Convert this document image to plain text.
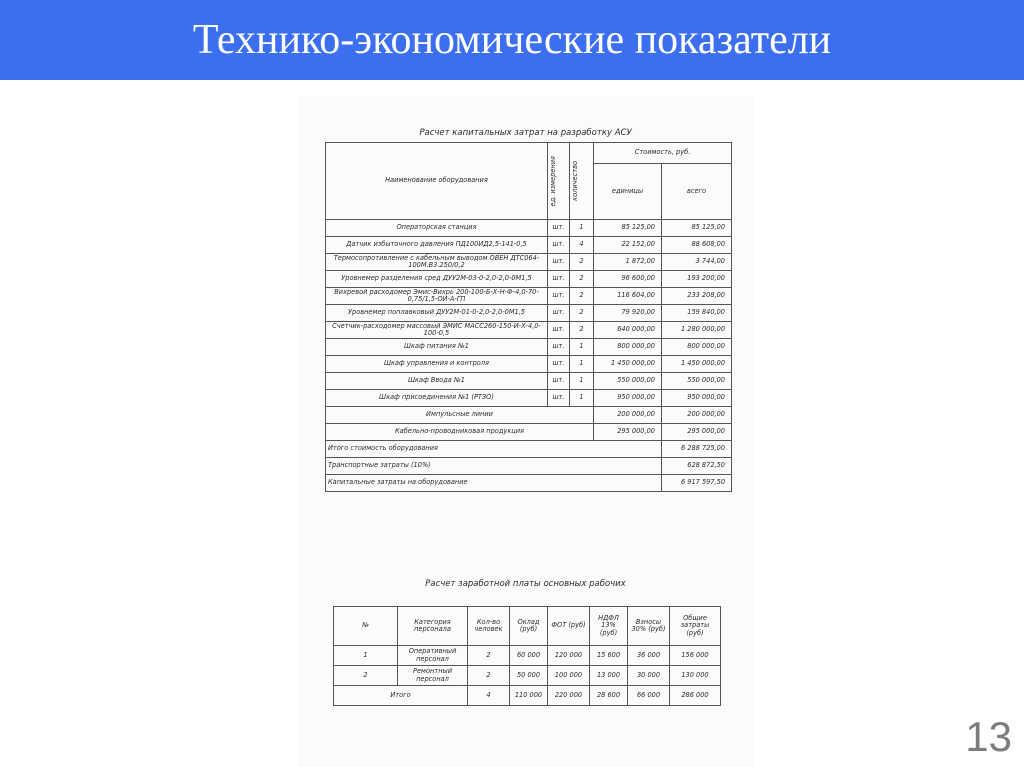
Технико-экономические показатели
Расчет капитальных затрат на разработку АСУ
Наименование оборудования	ед. измерения	количество	Стоимость, руб.	
			единицы	всего
Операторская станция	шт.	1	85 125,00	85 125,00
Датчик избыточного давления ПД100ИД2,5-141-0,5	шт.	4	22 152,00	88 608,00
Термосопротивление с кабельным выводом ОВЕН ДТС064-100М.В3.250/0,2	шт.	2	1 872,00	3 744,00
Уровнемер разделения сред ДУУ2М-03-0-2,0-2,0-0М1,5	шт.	2	96 600,00	193 200,00
Вихревой расходомер Эмис-Вихрь 200-100-Б-Х-Н-Ф-4,0-70-0,75/1,5-ОИ-А-ГП	шт.	2	116 604,00	233 208,00
Уровнемер поплавковый ДУУ2М-01-0-2,0-2,0-0М1,5	шт.	2	79 920,00	159 840,00
Счетчик-расходомер массовый ЭМИС МАСС260-150-И-Х-4,0-100-0,5	шт.	2	640 000,00	1 280 000,00
Шкаф питания №1	шт.	1	800 000,00	800 000,00
Шкаф управления и контроля	шт.	1	1 450 000,00	1 450 000,00
Шкаф Ввода №1	шт.	1	550 000,00	550 000,00
Шкаф присоединения №1 (РТЗО)	шт.	1	950 000,00	950 000,00
Импульсные линии			200 000,00	200 000,00
Кабельно-проводниковая продукция			295 000,00	295 000,00
Итого стоимость оборудования				6 288 725,00
Транспортные затраты (10%)				628 872,50
Капитальные затраты на оборудование				6 917 597,50
Расчет заработной платы основных рабочих
№	Категория персонала	Кол-во человек	Оклад (руб)	ФОТ (руб)	НДФЛ 13% (руб)	Взносы 30% (руб)	Общие затраты (руб)
1	Оперативный персонал	2	60 000	120 000	15 600	36 000	156 000
2	Ремонтный персонал	2	50 000	100 000	13 000	30 000	130 000
Итого		4	110 000	220 000	28 600	66 000	286 000
13
